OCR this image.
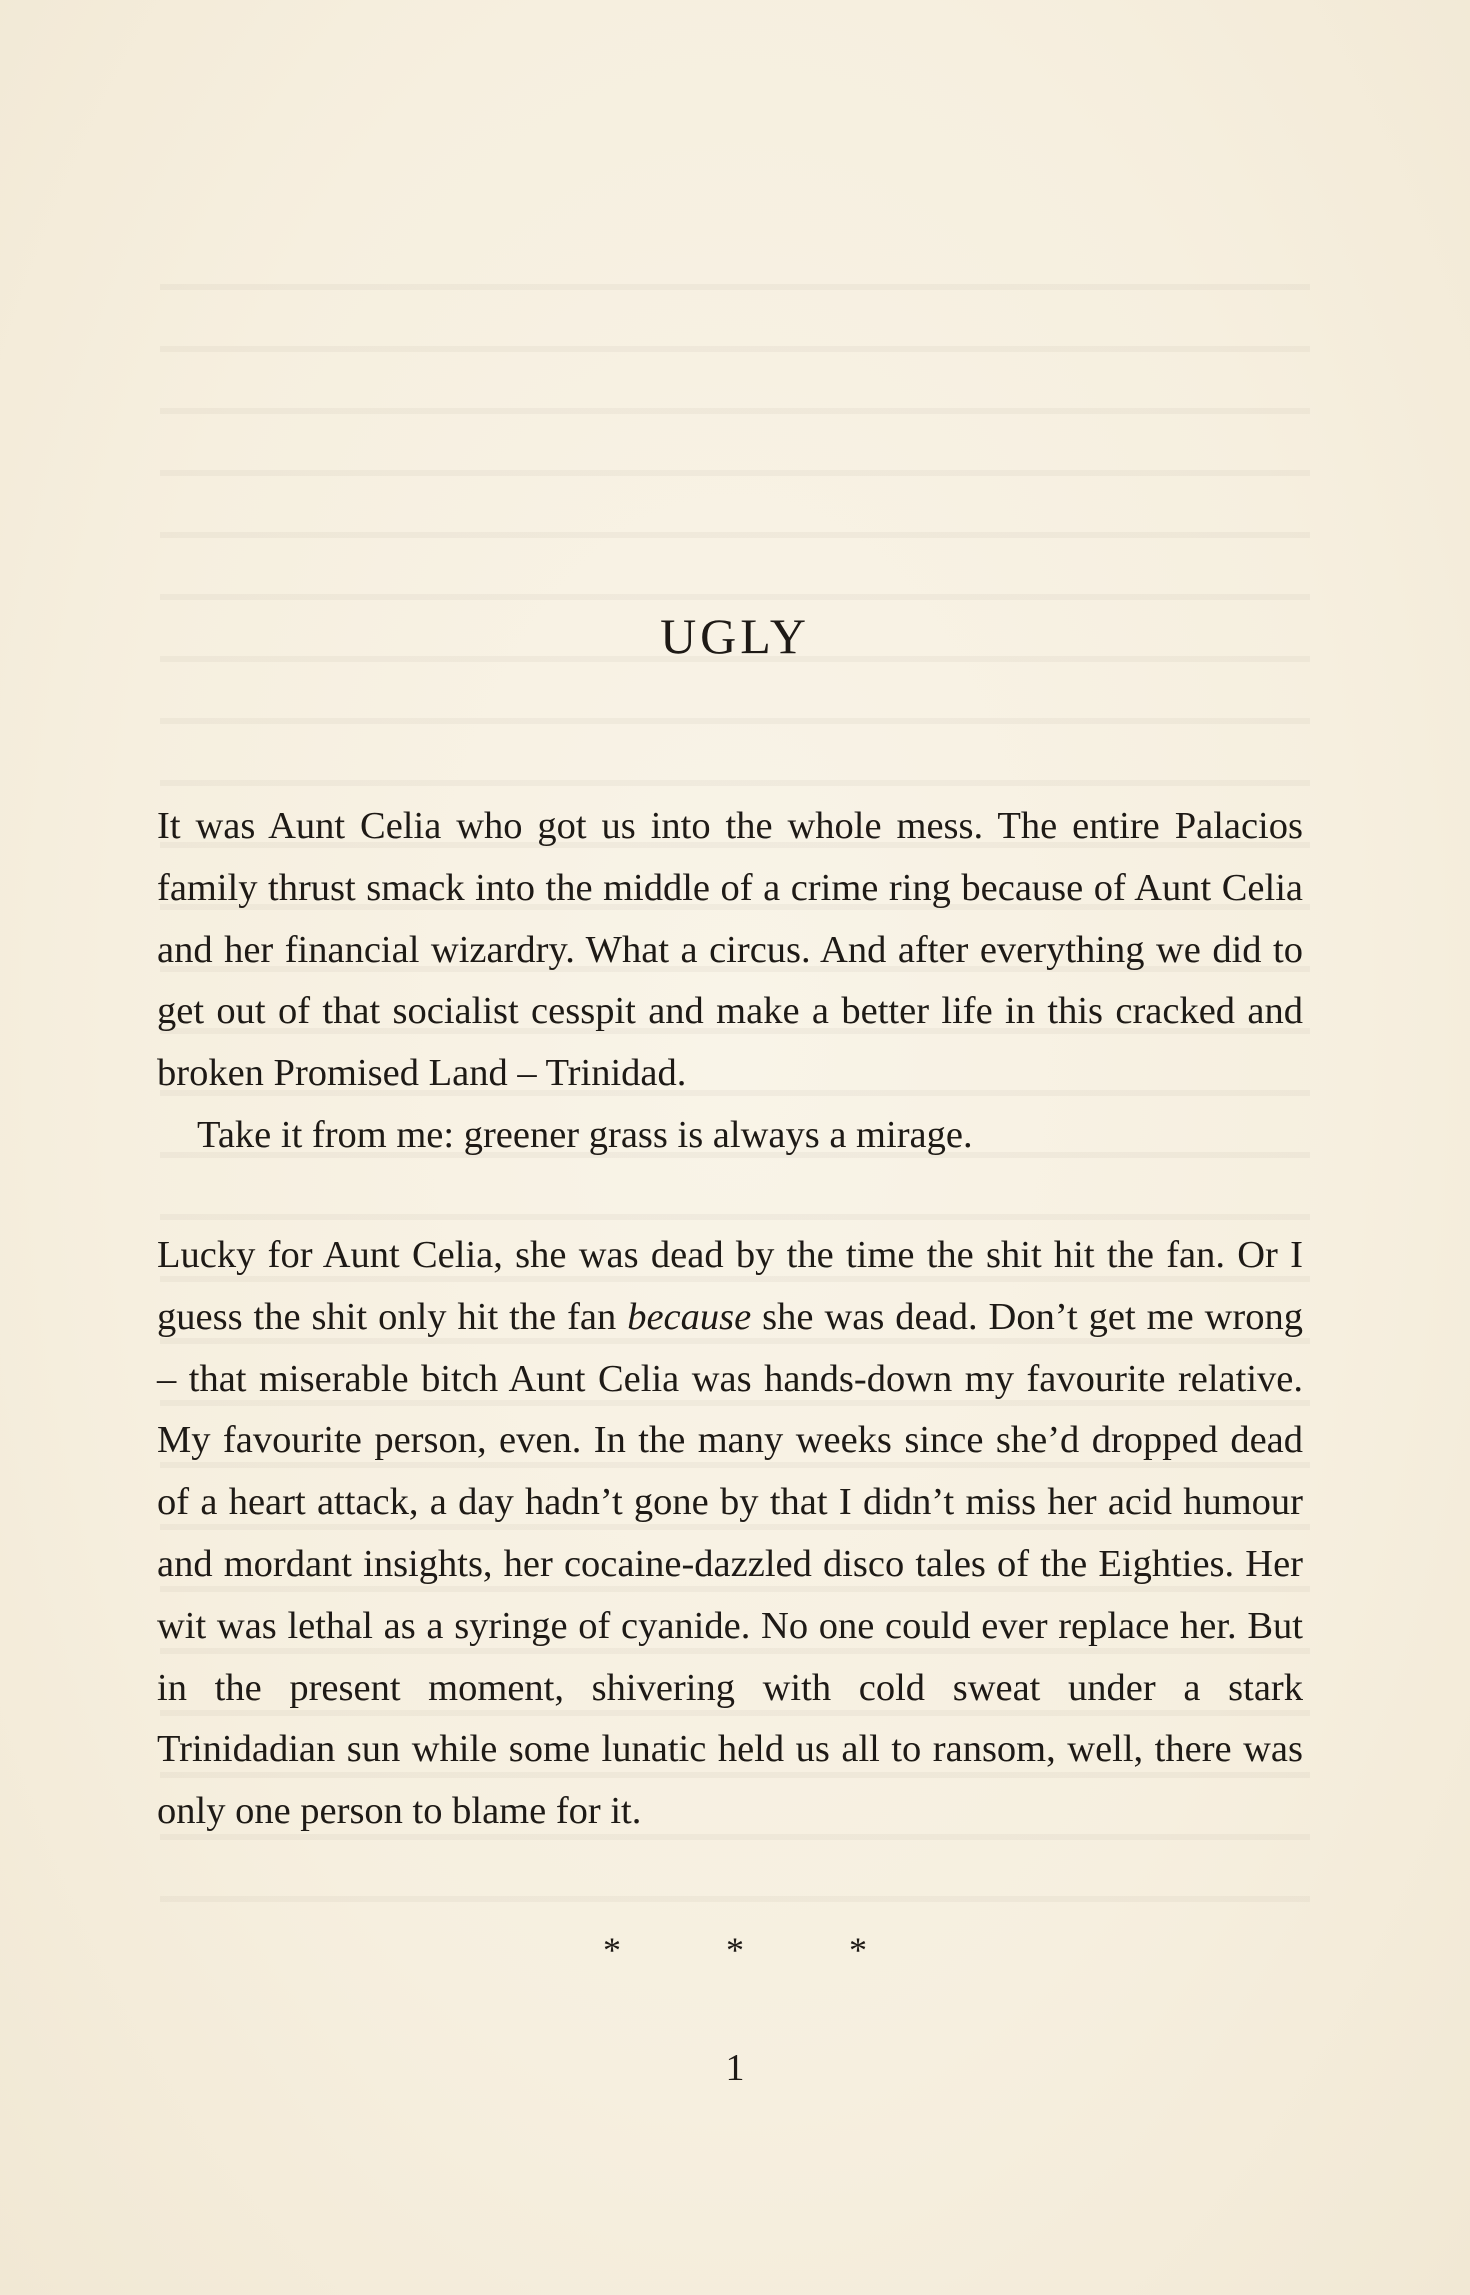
UGLY

It was Aunt Celia who got us into the whole mess. The entire Palacios family thrust smack into the middle of a crime ring because of Aunt Celia and her financial wizardry. What a circus. And after everything we did to get out of that socialist cesspit and make a better life in this cracked and broken Promised Land – Trinidad.

Take it from me: greener grass is always a mirage.

Lucky for Aunt Celia, she was dead by the time the shit hit the fan. Or I guess the shit only hit the fan because she was dead. Don’t get me wrong – that miserable bitch Aunt Celia was hands-down my favourite relative. My favourite person, even. In the many weeks since she’d dropped dead of a heart attack, a day hadn’t gone by that I didn’t miss her acid humour and mordant insights, her cocaine-dazzled disco tales of the Eighties. Her wit was lethal as a syringe of cyanide. No one could ever replace her. But in the present moment, shivering with cold sweat under a stark Trinidadian sun while some lunatic held us all to ransom, well, there was only one person to blame for it.

* * *
1
